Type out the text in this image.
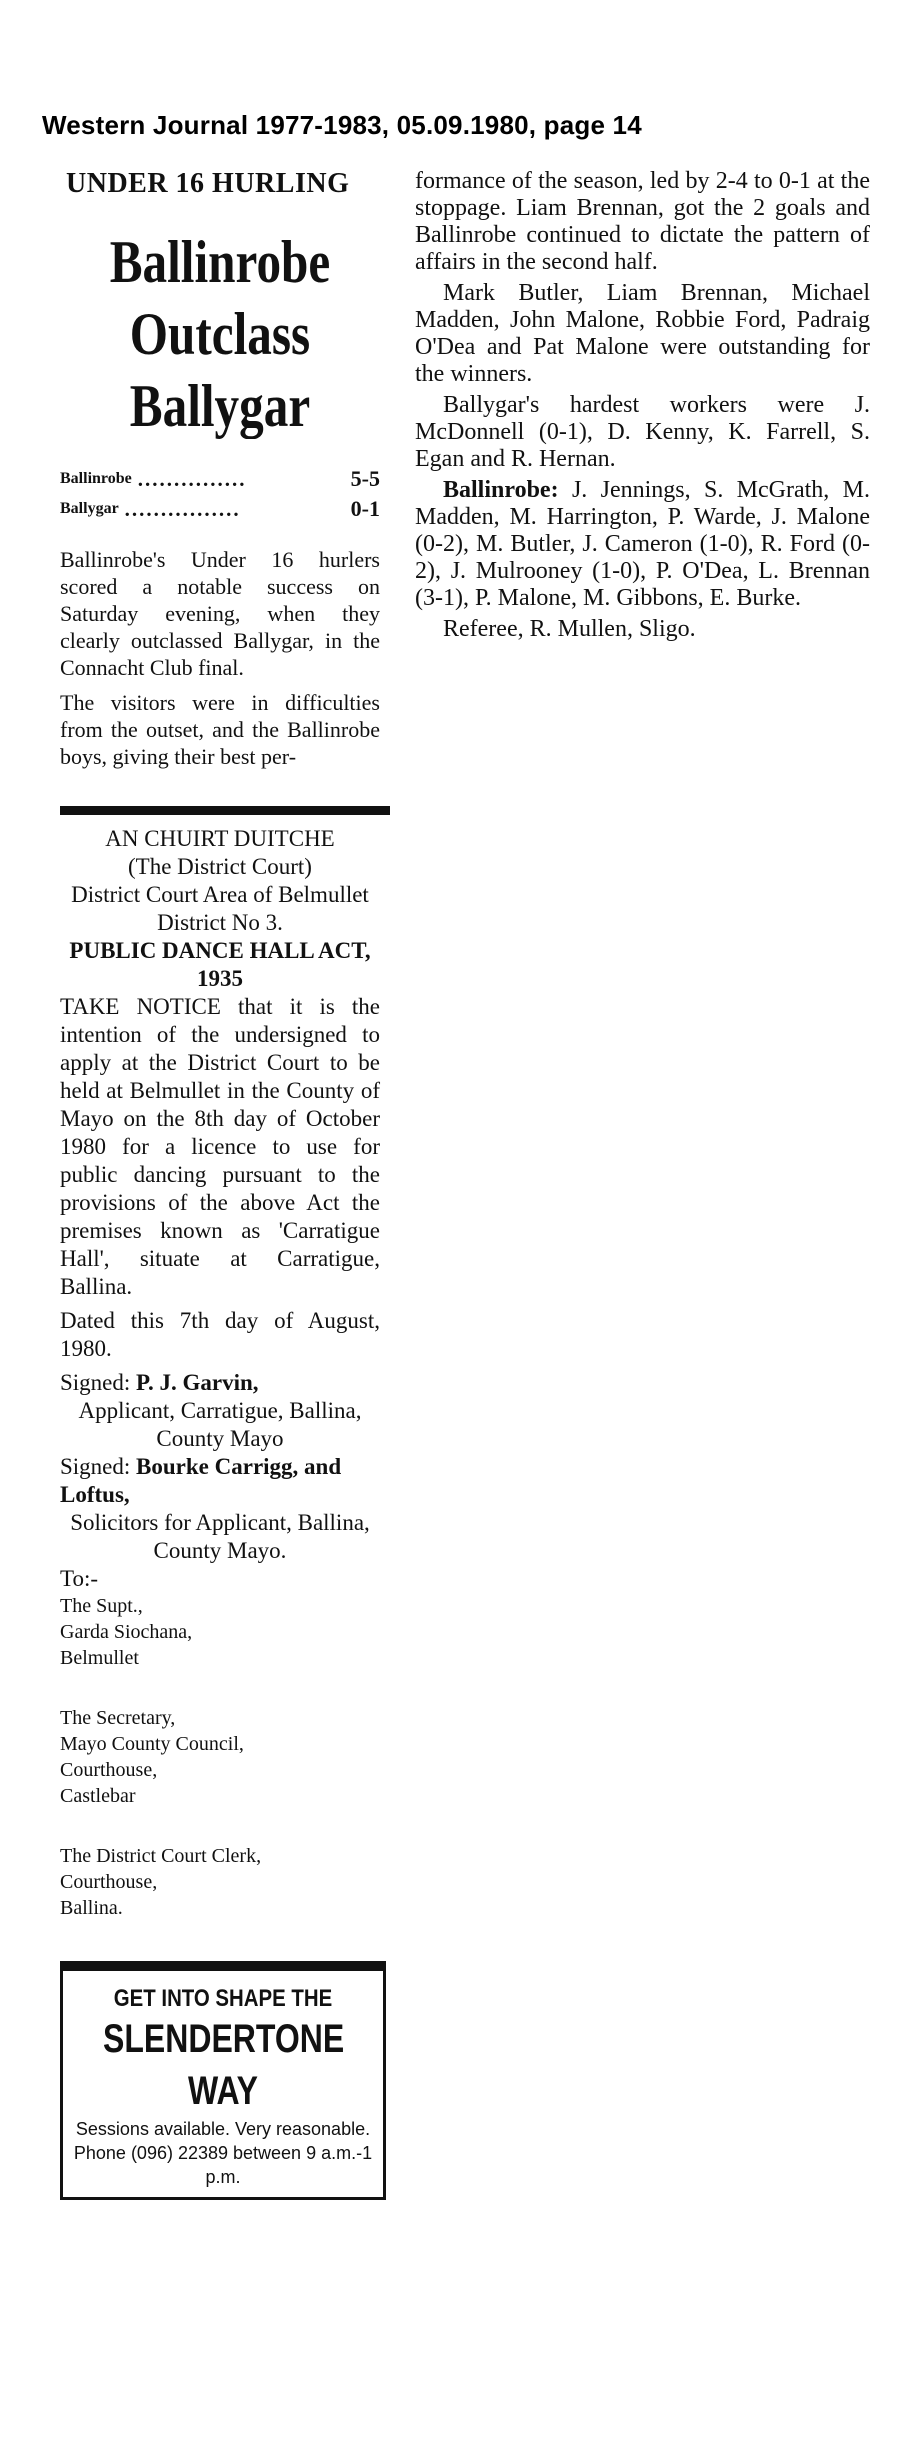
Western Journal 1977-1983, 05.09.1980, page 14
UNDER 16 HURLING
Ballinrobe
Outclass
Ballygar
Ballinrobe ...............	5-5
Ballygar ................	0-1

Ballinrobe's Under 16 hurlers scored a notable success on Saturday evening, when they clearly outclassed Ballygar, in the Connacht Club final.

The visitors were in difficulties from the outset, and the Ballinrobe boys, giving their best per-

AN CHUIRT DUITCHE
(The District Court)
District Court Area of Belmullet
District No 3.
PUBLIC DANCE HALL ACT, 1935

TAKE NOTICE that it is the intention of the undersigned to apply at the District Court to be held at Belmullet in the County of Mayo on the 8th day of October 1980 for a licence to use for public dancing pursuant to the provisions of the above Act the premises known as 'Carratigue Hall', situate at Carratigue, Ballina.

Dated this 7th day of August, 1980.

Signed: P. J. Garvin,
Applicant, Carratigue, Ballina, County Mayo
Signed: Bourke Carrigg, and Loftus,
Solicitors for Applicant, Ballina, County Mayo.
To:-
The Supt.,
Garda Siochana,
Belmullet
The Secretary,
Mayo County Council,
Courthouse,
Castlebar
The District Court Clerk,
Courthouse,
Ballina.
GET INTO SHAPE THE
SLENDERTONE
WAY
Sessions available. Very reasonable. Phone (096) 22389 between 9 a.m.-1 p.m.

formance of the season, led by 2-4 to 0-1 at the stoppage. Liam Brennan, got the 2 goals and Ballinrobe continued to dictate the pattern of affairs in the second half.

Mark Butler, Liam Brennan, Michael Madden, John Malone, Robbie Ford, Padraig O'Dea and Pat Malone were outstanding for the winners.

Ballygar's hardest workers were J. McDonnell (0-1), D. Kenny, K. Farrell, S. Egan and R. Hernan.

Ballinrobe: J. Jennings, S. McGrath, M. Madden, M. Harrington, P. Warde, J. Malone (0-2), M. Butler, J. Cameron (1-0), R. Ford (0-2), J. Mulrooney (1-0), P. O'Dea, L. Brennan (3-1), P. Malone, M. Gibbons, E. Burke.

Referee, R. Mullen, Sligo.
